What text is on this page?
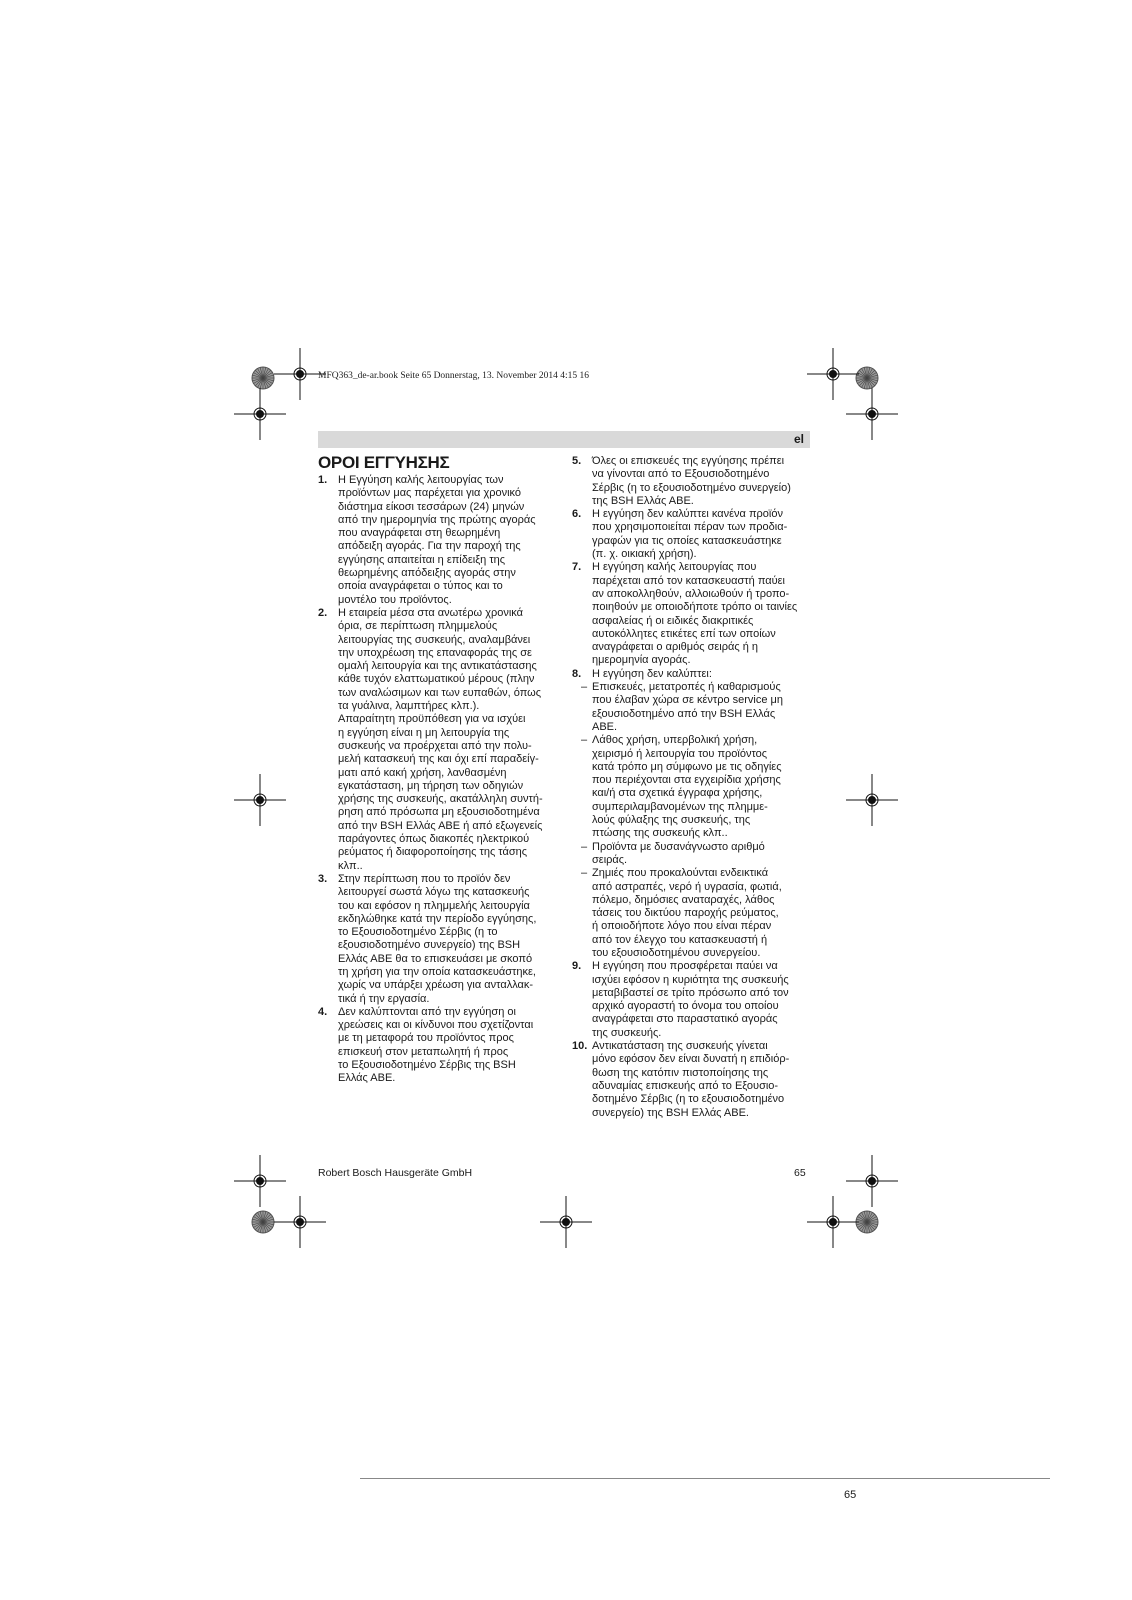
MFQ363_de-ar.book Seite 65 Donnerstag, 13. November 2014 4:15 16
el
ΟΡΟΙ ΕΓΓΥΗΣΗΣ
1. Η Εγγύηση καλής λειτουργίας των
προϊόντων μας παρέχεται για χρονικό
διάστημα είκοσι τεσσάρων (24) μηνών
από την ημερομηνία της πρώτης αγοράς
που αναγράφεται στη θεωρημένη
απόδειξη αγοράς. Για την παροχή της
εγγύησης απαιτείται η επίδειξη της
θεωρημένης απόδειξης αγοράς στην
οποία αναγράφεται ο τύπος και το
μοντέλο του προϊόντος.
2. Η εταιρεία μέσα στα ανωτέρω χρονικά
όρια, σε περίπτωση πλημμελούς
λειτουργίας της συσκευής, αναλαμβάνει
την υποχρέωση της επαναφοράς της σε
ομαλή λειτουργία και της αντικατάστασης
κάθε τυχόν ελαττωματικού μέρους (πλην
των αναλώσιμων και των ευπαθών, όπως
τα γυάλινα, λαμπτήρες κλπ.).
Απαραίτητη προϋπόθεση για να ισχύει
η εγγύηση είναι η μη λειτουργία της
συσκευής να προέρχεται από την πολυ-
μελή κατασκευή της και όχι επί παραδείγ-
ματι από κακή χρήση, λανθασμένη
εγκατάσταση, μη τήρηση των οδηγιών
χρήσης της συσκευής, ακατάλληλη συντή-
ρηση από πρόσωπα μη εξουσιοδοτημένα
από την BSH Ελλάς ΑΒΕ ή από εξωγενείς
παράγοντες όπως διακοπές ηλεκτρικού
ρεύματος ή διαφοροποίησης της τάσης
κλπ..
3. Στην περίπτωση που το προϊόν δεν
λειτουργεί σωστά λόγω της κατασκευής
του και εφόσον η πλημμελής λειτουργία
εκδηλώθηκε κατά την περίοδο εγγύησης,
το Εξουσιοδοτημένο Σέρβις (η το
εξουσιοδοτημένο συνεργείο) της BSH
Ελλάς ΑΒΕ θα το επισκευάσει με σκοπό
τη χρήση για την οποία κατασκευάστηκε,
χωρίς να υπάρξει χρέωση για ανταλλακ-
τικά ή την εργασία.
4. Δεν καλύπτονται από την εγγύηση οι
χρεώσεις και οι κίνδυνοι που σχετίζονται
με τη μεταφορά του προϊόντος προς
επισκευή στον μεταπωλητή ή προς
το Εξουσιοδοτημένο Σέρβις της BSH
Ελλάς ΑΒΕ.
5. Όλες οι επισκευές της εγγύησης πρέπει
να γίνονται από το Εξουσιοδοτημένο
Σέρβις (η το εξουσιοδοτημένο συνεργείο)
της BSH Ελλάς ΑΒΕ.
6. Η εγγύηση δεν καλύπτει κανένα προϊόν
που χρησιμοποιείται πέραν των προδια-
γραφών για τις οποίες κατασκευάστηκε
(π. χ. οικιακή χρήση).
7. Η εγγύηση καλής λειτουργίας που
παρέχεται από τον κατασκευαστή παύει
αν αποκολληθούν, αλλοιωθούν ή τροπο-
ποιηθούν με οποιοδήποτε τρόπο οι ταινίες
ασφαλείας ή οι ειδικές διακριτικές
αυτοκόλλητες ετικέτες επί των οποίων
αναγράφεται ο αριθμός σειράς ή η
ημερομηνία αγοράς.
8. Η εγγύηση δεν καλύπτει:
– Επισκευές, μετατροπές ή καθαρισμούς
που έλαβαν χώρα σε κέντρο service μη
εξουσιοδοτημένο από την BSH Ελλάς
ΑΒΕ.
– Λάθος χρήση, υπερβολική χρήση,
χειρισμό ή λειτουργία του προϊόντος
κατά τρόπο μη σύμφωνο με τις οδηγίες
που περιέχονται στα εγχειρίδια χρήσης
και/ή στα σχετικά έγγραφα χρήσης,
συμπεριλαμβανομένων της πλημμε-
λούς φύλαξης της συσκευής, της
πτώσης της συσκευής κλπ..
– Προϊόντα με δυσανάγνωστο αριθμό
σειράς.
– Ζημιές που προκαλούνται ενδεικτικά
από αστραπές, νερό ή υγρασία, φωτιά,
πόλεμο, δημόσιες αναταραχές, λάθος
τάσεις του δικτύου παροχής ρεύματος,
ή οποιοδήποτε λόγο που είναι πέραν
από τον έλεγχο του κατασκευαστή ή
του εξουσιοδοτημένου συνεργείου.
9. Η εγγύηση που προσφέρεται παύει να
ισχύει εφόσον η κυριότητα της συσκευής
μεταβιβαστεί σε τρίτο πρόσωπο από τον
αρχικό αγοραστή το όνομα του οποίου
αναγράφεται στο παραστατικό αγοράς
της συσκευής.
10. Αντικατάσταση της συσκευής γίνεται
μόνο εφόσον δεν είναι δυνατή η επιδιόρ-
θωση της κατόπιν πιστοποίησης της
αδυναμίας επισκευής από το Εξουσιο-
δοτημένο Σέρβις (η το εξουσιοδοτημένο
συνεργείο) της BSH Ελλάς ΑΒΕ.
Robert Bosch Hausgeräte GmbH	65
65
